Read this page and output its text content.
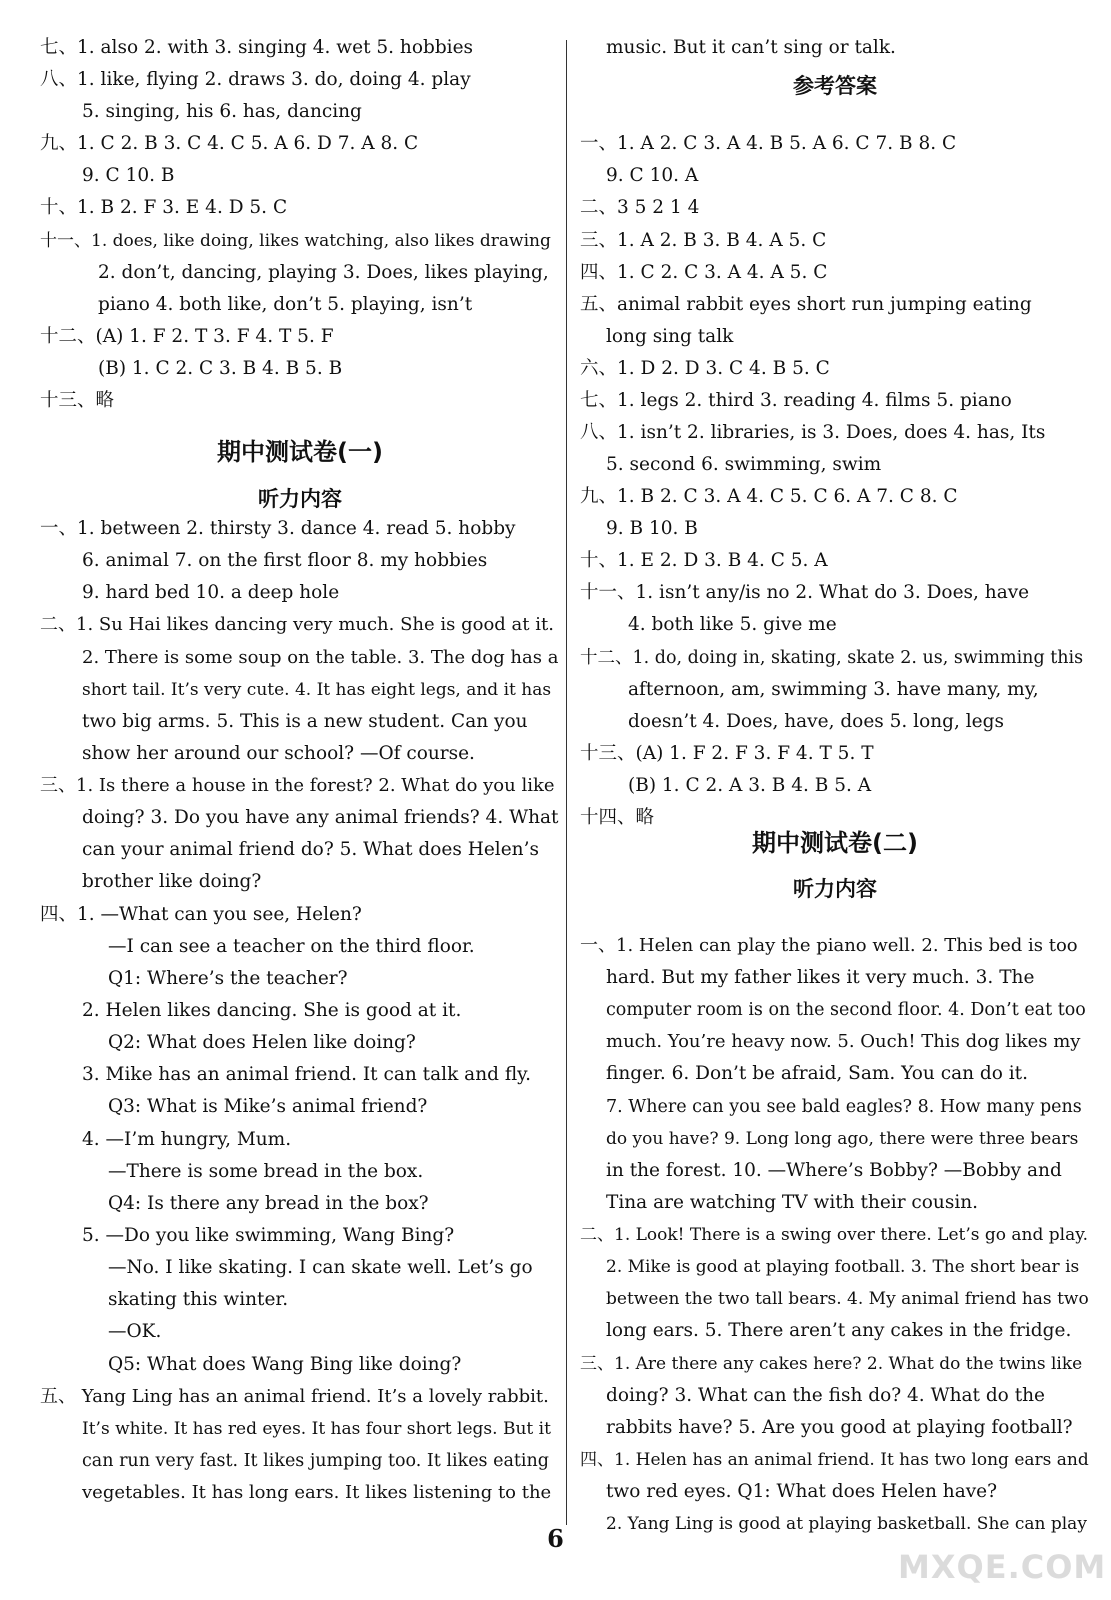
七、1. also 2. with 3. singing 4. wet 5. hobbies
八、1. like, flying 2. draws 3. do, doing 4. play
5. singing, his 6. has, dancing
九、1. C 2. B 3. C 4. C 5. A 6. D 7. A 8. C
9. C 10. B
十、1. B 2. F 3. E 4. D 5. C
十一、1. does, like doing, likes watching, also likes drawing
2. don’t, dancing, playing 3. Does, likes playing,
piano 4. both like, don’t 5. playing, isn’t
十二、(A) 1. F 2. T 3. F 4. T 5. F
(B) 1. C 2. C 3. B 4. B 5. B
十三、略
一、1. between 2. thirsty 3. dance 4. read 5. hobby
6. animal 7. on the first floor 8. my hobbies
9. hard bed 10. a deep hole
二、1. Su Hai likes dancing very much. She is good at it.
2. There is some soup on the table. 3. The dog has a
short tail. It’s very cute. 4. It has eight legs, and it has
two big arms. 5. This is a new student. Can you
show her around our school? —Of course.
三、1. Is there a house in the forest? 2. What do you like
doing? 3. Do you have any animal friends? 4. What
can your animal friend do? 5. What does Helen’s
brother like doing?
四、1. —What can you see, Helen?
—I can see a teacher on the third floor.
Q1: Where’s the teacher?
2. Helen likes dancing. She is good at it.
Q2: What does Helen like doing?
3. Mike has an animal friend. It can talk and fly.
Q3: What is Mike’s animal friend?
4. —I’m hungry, Mum.
—There is some bread in the box.
Q4: Is there any bread in the box?
5. —Do you like swimming, Wang Bing?
—No. I like skating. I can skate well. Let’s go
skating this winter.
—OK.
Q5: What does Wang Bing like doing?
五、 Yang Ling has an animal friend. It’s a lovely rabbit.
It’s white. It has red eyes. It has four short legs. But it
can run very fast. It likes jumping too. It likes eating
vegetables. It has long ears. It likes listening to the
music. But it can’t sing or talk.
一、1. A 2. C 3. A 4. B 5. A 6. C 7. B 8. C
9. C 10. A
二、3 5 2 1 4
三、1. A 2. B 3. B 4. A 5. C
四、1. C 2. C 3. A 4. A 5. C
五、animal rabbit eyes short run jumping eating
long sing talk
六、1. D 2. D 3. C 4. B 5. C
七、1. legs 2. third 3. reading 4. films 5. piano
八、1. isn’t 2. libraries, is 3. Does, does 4. has, Its
5. second 6. swimming, swim
九、1. B 2. C 3. A 4. C 5. C 6. A 7. C 8. C
9. B 10. B
十、1. E 2. D 3. B 4. C 5. A
十一、1. isn’t any/is no 2. What do 3. Does, have
4. both like 5. give me
十二、1. do, doing in, skating, skate 2. us, swimming this
afternoon, am, swimming 3. have many, my,
doesn’t 4. Does, have, does 5. long, legs
十三、(A) 1. F 2. F 3. F 4. T 5. T
(B) 1. C 2. A 3. B 4. B 5. A
十四、略
一、1. Helen can play the piano well. 2. This bed is too
hard. But my father likes it very much. 3. The
computer room is on the second floor. 4. Don’t eat too
much. You’re heavy now. 5. Ouch! This dog likes my
finger. 6. Don’t be afraid, Sam. You can do it.
7. Where can you see bald eagles? 8. How many pens
do you have? 9. Long long ago, there were three bears
in the forest. 10. —Where’s Bobby? —Bobby and
Tina are watching TV with their cousin.
二、1. Look! There is a swing over there. Let’s go and play.
2. Mike is good at playing football. 3. The short bear is
between the two tall bears. 4. My animal friend has two
long ears. 5. There aren’t any cakes in the fridge.
三、1. Are there any cakes here? 2. What do the twins like
doing? 3. What can the fish do? 4. What do the
rabbits have? 5. Are you good at playing football?
四、1. Helen has an animal friend. It has two long ears and
two red eyes. Q1: What does Helen have?
2. Yang Ling is good at playing basketball. She can play
期中测试卷(一)
听力内容
参考答案
期中测试卷(二)
听力内容
6
MXQE.COM
